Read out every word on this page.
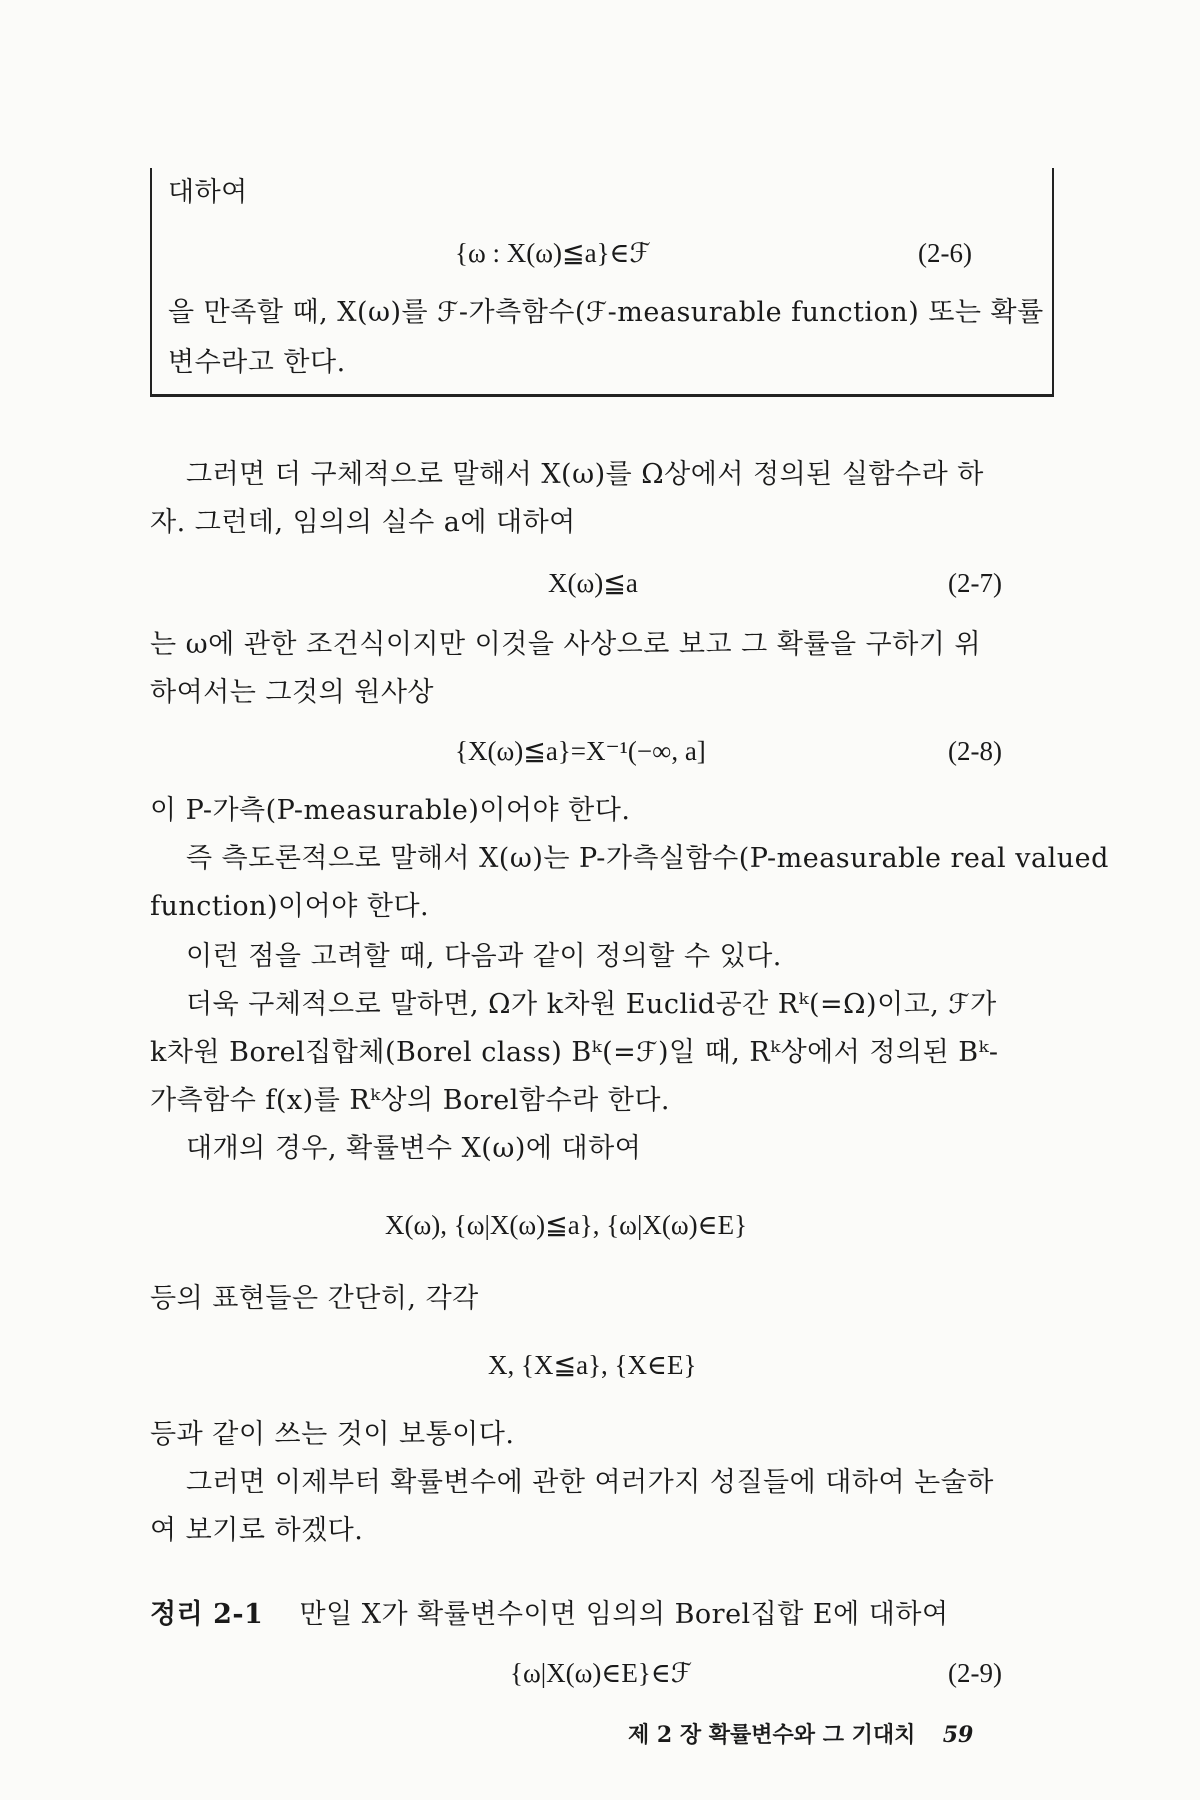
대하여
{ω : X(ω)≦a}∈ℱ	(2-6)
을 만족할 때, X(ω)를 ℱ-가측함수(ℱ-measurable function) 또는 확률
변수라고 한다.
그러면 더 구체적으로 말해서 X(ω)를 Ω상에서 정의된 실함수라 하
자. 그런데, 임의의 실수 a에 대하여
X(ω)≦a	(2-7)
는 ω에 관한 조건식이지만 이것을 사상으로 보고 그 확률을 구하기 위
하여서는 그것의 원사상
{X(ω)≦a}=X⁻¹(−∞, a]	(2-8)
이 P-가측(P-measurable)이어야 한다.
즉 측도론적으로 말해서 X(ω)는 P-가측실함수(P-measurable real valued
function)이어야 한다.
이런 점을 고려할 때, 다음과 같이 정의할 수 있다.
더욱 구체적으로 말하면, Ω가 k차원 Euclid공간 Rᵏ(=Ω)이고, ℱ가
k차원 Borel집합체(Borel class) Bᵏ(=ℱ)일 때, Rᵏ상에서 정의된 Bᵏ-
가측함수 f(x)를 Rᵏ상의 Borel함수라 한다.
대개의 경우, 확률변수 X(ω)에 대하여
X(ω), {ω|X(ω)≦a}, {ω|X(ω)∈E}
등의 표현들은 간단히, 각각
X, {X≦a}, {X∈E}
등과 같이 쓰는 것이 보통이다.
그러면 이제부터 확률변수에 관한 여러가지 성질들에 대하여 논술하
여 보기로 하겠다.
정리 2-1 만일 X가 확률변수이면 임의의 Borel집합 E에 대하여
{ω|X(ω)∈E}∈ℱ	(2-9)
제 2 장 확률변수와 그 기대치 59
